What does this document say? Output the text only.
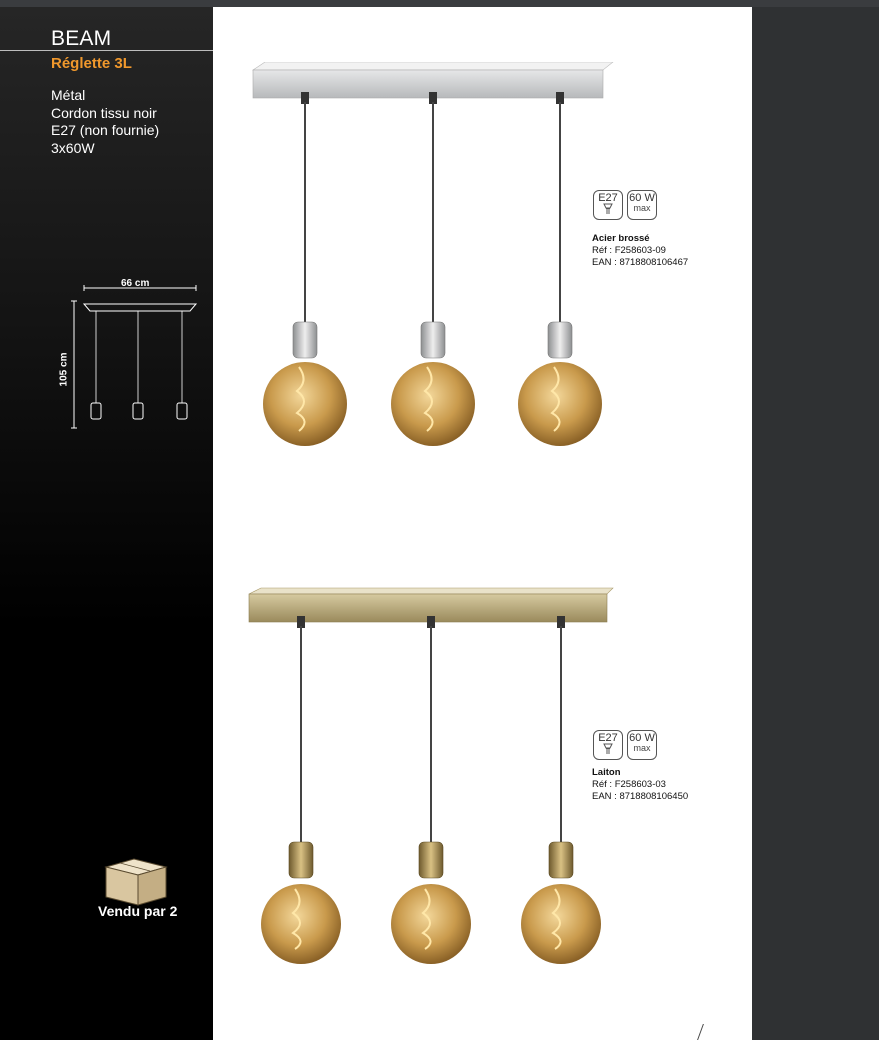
BEAM
Réglette 3L
Métal
Cordon tissu noir
E27 (non fournie)
3x60W
66 cm
105 cm
Vendu par 2
E27 60 W
max
Acier brossé
Réf : F258603-09
EAN : 8718808106467
E27 60 W
max
Laiton
Réf : F258603-03
EAN : 8718808106450
